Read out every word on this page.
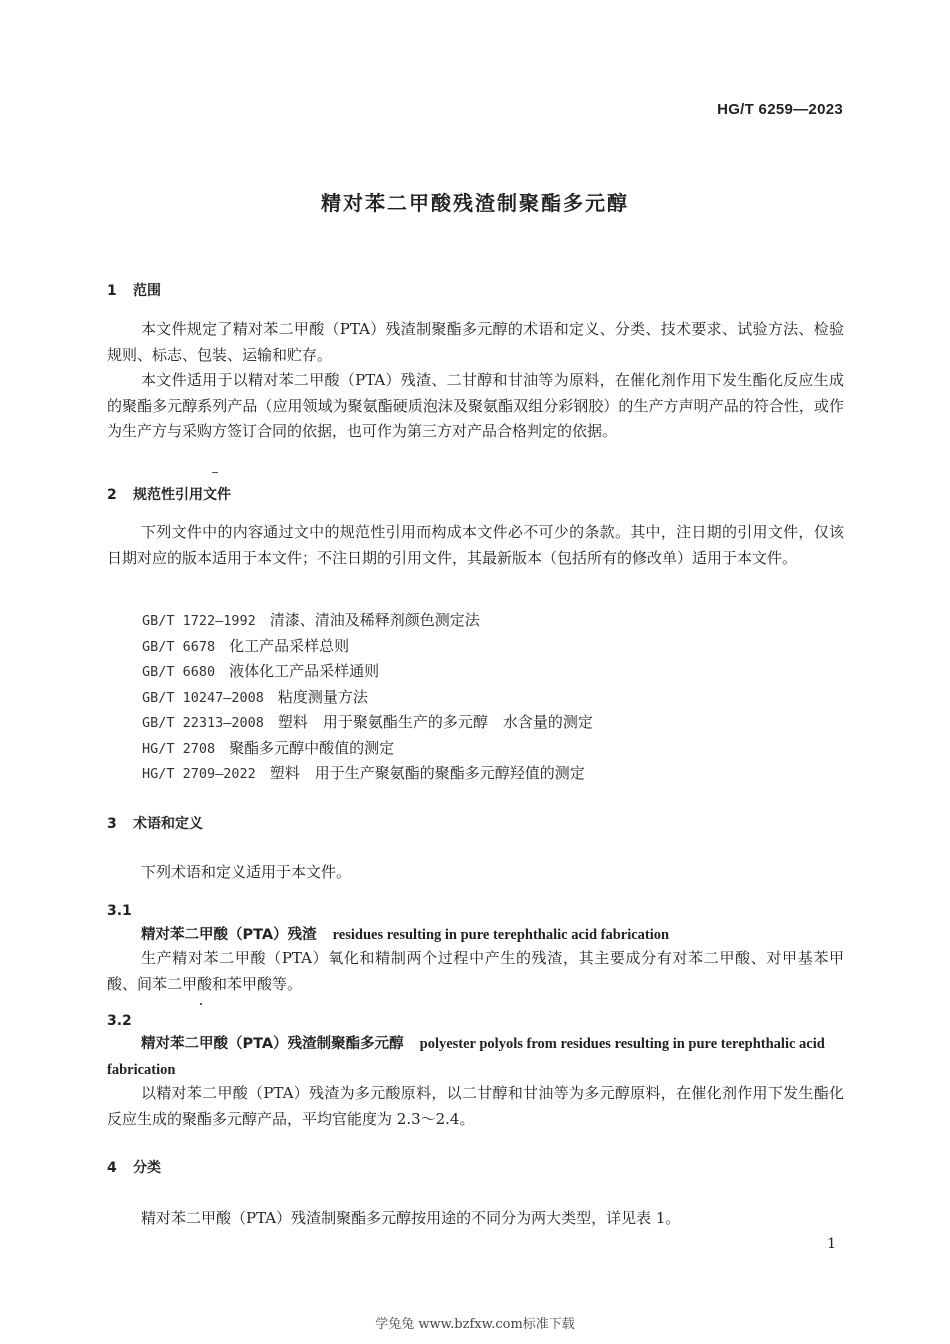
HG/T 6259—2023
精对苯二甲酸残渣制聚酯多元醇
1 范围

本文件规定了精对苯二甲酸（PTA）残渣制聚酯多元醇的术语和定义、分类、技术要求、试验方法、检验规则、标志、包装、运输和贮存。

本文件适用于以精对苯二甲酸（PTA）残渣、二甘醇和甘油等为原料，在催化剂作用下发生酯化反应生成的聚酯多元醇系列产品（应用领域为聚氨酯硬质泡沫及聚氨酯双组分彩钢胶）的生产方声明产品的符合性，或作为生产方与采购方签订合同的依据，也可作为第三方对产品合格判定的依据。

2 规范性引用文件

下列文件中的内容通过文中的规范性引用而构成本文件必不可少的条款。其中，注日期的引用文件，仅该日期对应的版本适用于本文件；不注日期的引用文件，其最新版本（包括所有的修改单）适用于本文件。

GB/T 1722—1992 清漆、清油及稀释剂颜色测定法
GB/T 6678 化工产品采样总则
GB/T 6680 液体化工产品采样通则
GB/T 10247—2008 粘度测量方法
GB/T 22313—2008 塑料　用于聚氨酯生产的多元醇　水含量的测定
HG/T 2708 聚酯多元醇中酸值的测定
HG/T 2709—2022 塑料　用于生产聚氨酯的聚酯多元醇羟值的测定
3 术语和定义

下列术语和定义适用于本文件。

3.1
精对苯二甲酸（PTA）残渣 residues resulting in pure terephthalic acid fabrication

生产精对苯二甲酸（PTA）氧化和精制两个过程中产生的残渣，其主要成分有对苯二甲酸、对甲基苯甲酸、间苯二甲酸和苯甲酸等。

3.2
精对苯二甲酸（PTA）残渣制聚酯多元醇 polyester polyols from residues resulting in pure terephthalic acid fabrication

以精对苯二甲酸（PTA）残渣为多元酸原料，以二甘醇和甘油等为多元醇原料，在催化剂作用下发生酯化反应生成的聚酯多元醇产品，平均官能度为 2.3～2.4。

4 分类

精对苯二甲酸（PTA）残渣制聚酯多元醇按用途的不同分为两大类型，详见表 1。

1
学兔兔 www.bzfxw.com标准下载
